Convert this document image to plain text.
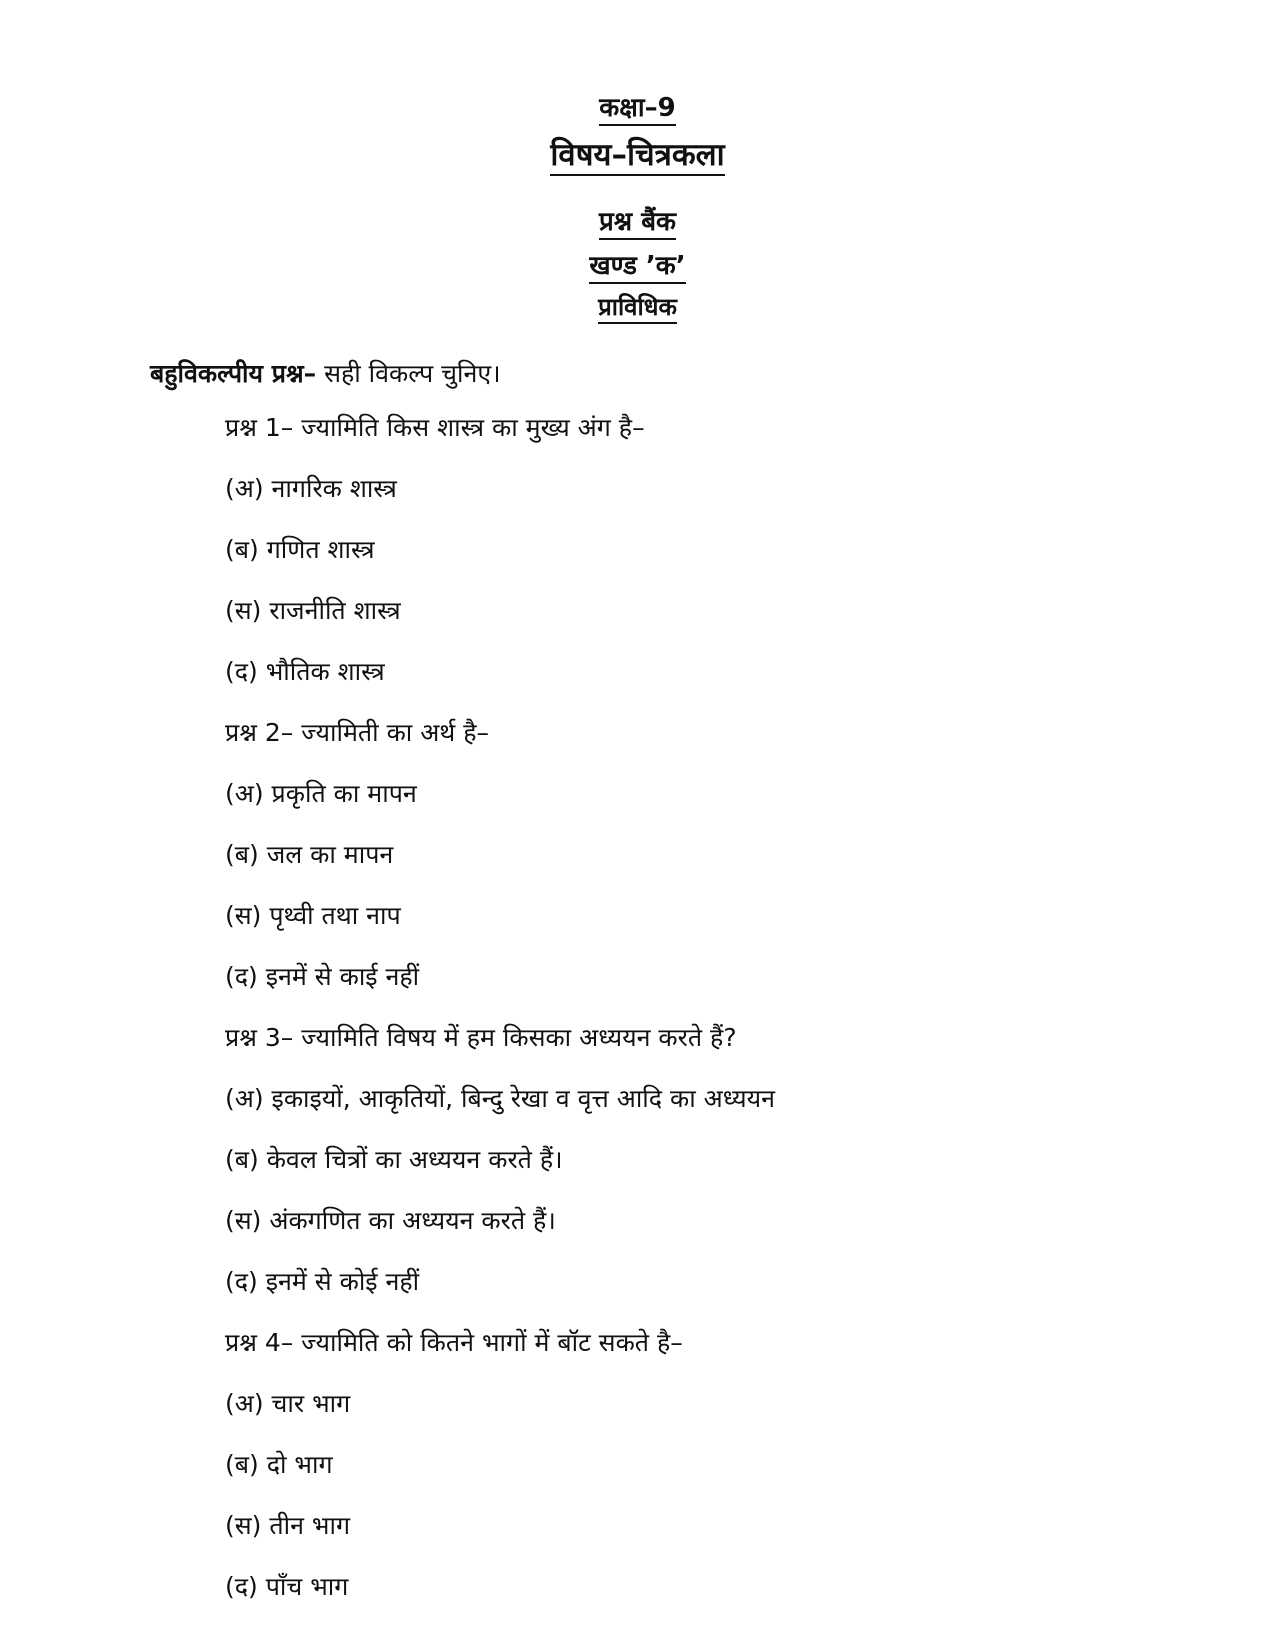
कक्षा–9
विषय–चित्रकला
प्रश्न बैंक
खण्ड ’क’
प्राविधिक
बहुविकल्पीय प्रश्न– सही विकल्प चुनिए।
प्रश्न 1– ज्यामिति किस शास्त्र का मुख्य अंग है–
(अ) नागरिक शास्त्र
(ब) गणित शास्त्र
(स) राजनीति शास्त्र
(द) भौतिक शास्त्र
प्रश्न 2– ज्यामिती का अर्थ है–
(अ) प्रकृति का मापन
(ब) जल का मापन
(स) पृथ्वी तथा नाप
(द) इनमें से काई नहीं
प्रश्न 3– ज्यामिति विषय में हम किसका अध्ययन करते हैं?
(अ) इकाइयों, आकृतियों, बिन्दु रेखा व वृत्त आदि का अध्ययन
(ब) केवल चित्रों का अध्ययन करते हैं।
(स) अंकगणित का अध्ययन करते हैं।
(द) इनमें से कोई नहीं
प्रश्न 4– ज्यामिति को कितने भागों में बॉट सकते है–
(अ) चार भाग
(ब) दो भाग
(स) तीन भाग
(द) पाँच भाग
